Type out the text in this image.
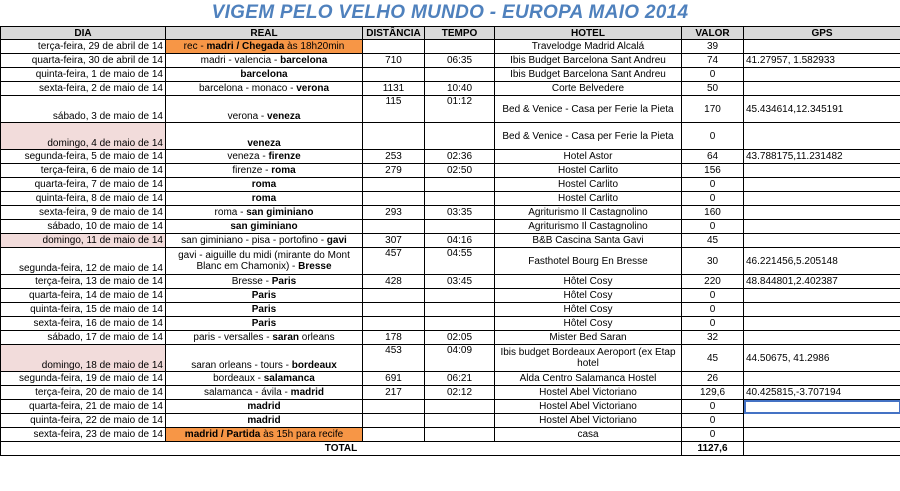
VIGEM PELO VELHO MUNDO - EUROPA MAIO 2014
DIA	REAL	DISTÂNCIA	TEMPO	HOTEL	VALOR	GPS
terça-feira, 29 de abril de 14	rec - madri / Chegada às 18h20min			Travelodge Madrid Alcalá	39	
quarta-feira, 30 de abril de 14	madri - valencia - barcelona	710	06:35	Ibis Budget Barcelona Sant Andreu	74	41.27957, 1.582933
quinta-feira, 1 de maio de 14	barcelona			Ibis Budget Barcelona Sant Andreu	0	
sexta-feira, 2 de maio de 14	barcelona - monaco - verona	1131	10:40	Corte Belvedere	50	
sábado, 3 de maio de 14	verona - veneza	115	01:12	Bed & Venice - Casa per Ferie la Pieta	170	45.434614,12.345191
domingo, 4 de maio de 14	veneza			Bed & Venice - Casa per Ferie la Pieta	0	
segunda-feira, 5 de maio de 14	veneza - firenze	253	02:36	Hotel Astor	64	43.788175,11.231482
terça-feira, 6 de maio de 14	firenze - roma	279	02:50	Hostel Carlito	156	
quarta-feira, 7 de maio de 14	roma			Hostel Carlito	0	
quinta-feira, 8 de maio de 14	roma			Hostel Carlito	0	
sexta-feira, 9 de maio de 14	roma - san giminiano	293	03:35	Agriturismo Il Castagnolino	160	
sábado, 10 de maio de 14	san giminiano			Agriturismo Il Castagnolino	0	
domingo, 11 de maio de 14	san giminiano - pisa - portofino - gavi	307	04:16	B&B Cascina Santa Gavi	45	
segunda-feira, 12 de maio de 14	gavi - aiguille du midi (mirante do Mont Blanc em Chamonix) - Bresse	457	04:55	Fasthotel Bourg En Bresse	30	46.221456,5.205148
terça-feira, 13 de maio de 14	Bresse - Paris	428	03:45	Hôtel Cosy	220	48.844801,2.402387
quarta-feira, 14 de maio de 14	Paris			Hôtel Cosy	0	
quinta-feira, 15 de maio de 14	Paris			Hôtel Cosy	0	
sexta-feira, 16 de maio de 14	Paris			Hôtel Cosy	0	
sábado, 17 de maio de 14	paris - versalles - saran orleans	178	02:05	Mister Bed Saran	32	
domingo, 18 de maio de 14	saran orleans - tours - bordeaux	453	04:09	Ibis budget Bordeaux Aeroport (ex Etap hotel	45	44.50675, 41.2986
segunda-feira, 19 de maio de 14	bordeaux - salamanca	691	06:21	Alda Centro Salamanca Hostel	26	
terça-feira, 20 de maio de 14	salamanca - ávila - madrid	217	02:12	Hostel Abel Victoriano	129,6	40.425815,-3.707194
quarta-feira, 21 de maio de 14	madrid			Hostel Abel Victoriano	0	
quinta-feira, 22 de maio de 14	madrid			Hostel Abel Victoriano	0	
sexta-feira, 23 de maio de 14	madrid / Partida às 15h para recife			casa	0	
TOTAL					1127,6	
